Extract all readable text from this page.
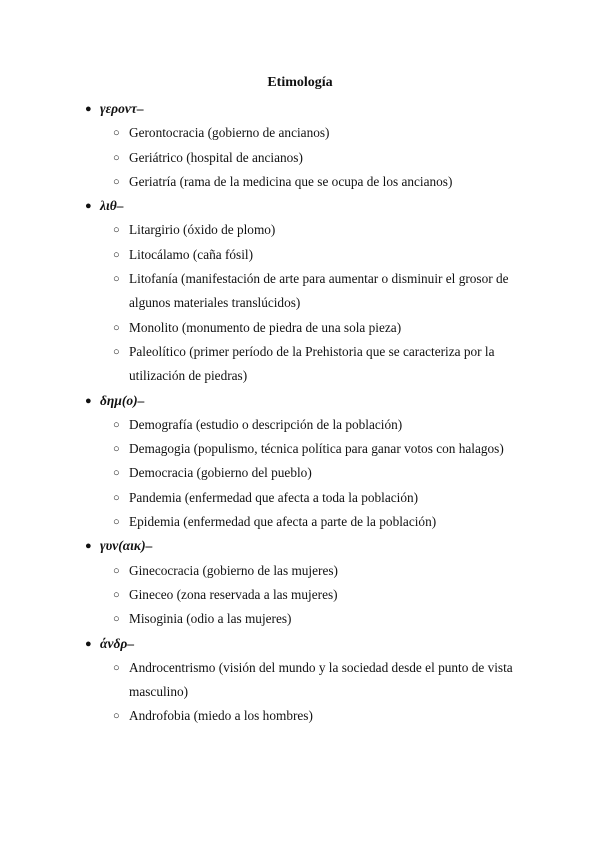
Etimología
● γεροντ–
○ Gerontocracia (gobierno de ancianos)
○ Geriátrico (hospital de ancianos)
○ Geriatría (rama de la medicina que se ocupa de los ancianos)
● λιθ–
○ Litargirio (óxido de plomo)
○ Litocálamo (caña fósil)
○ Litofanía (manifestación de arte para aumentar o disminuir el grosor de algunos materiales translúcidos)
○ Monolito (monumento de piedra de una sola pieza)
○ Paleolítico (primer período de la Prehistoria que se caracteriza por la utilización de piedras)
● δημ(ο)–
○ Demografía (estudio o descripción de la población)
○ Demagogia (populismo, técnica política para ganar votos con halagos)
○ Democracia (gobierno del pueblo)
○ Pandemia (enfermedad que afecta a toda la población)
○ Epidemia (enfermedad que afecta a parte de la población)
● γυν(αικ)–
○ Ginecocracia (gobierno de las mujeres)
○ Gineceo (zona reservada a las mujeres)
○ Misoginia (odio a las mujeres)
● άνδρ–
○ Androcentrismo (visión del mundo y la sociedad desde el punto de vista masculino)
○ Androfobia (miedo a los hombres)
